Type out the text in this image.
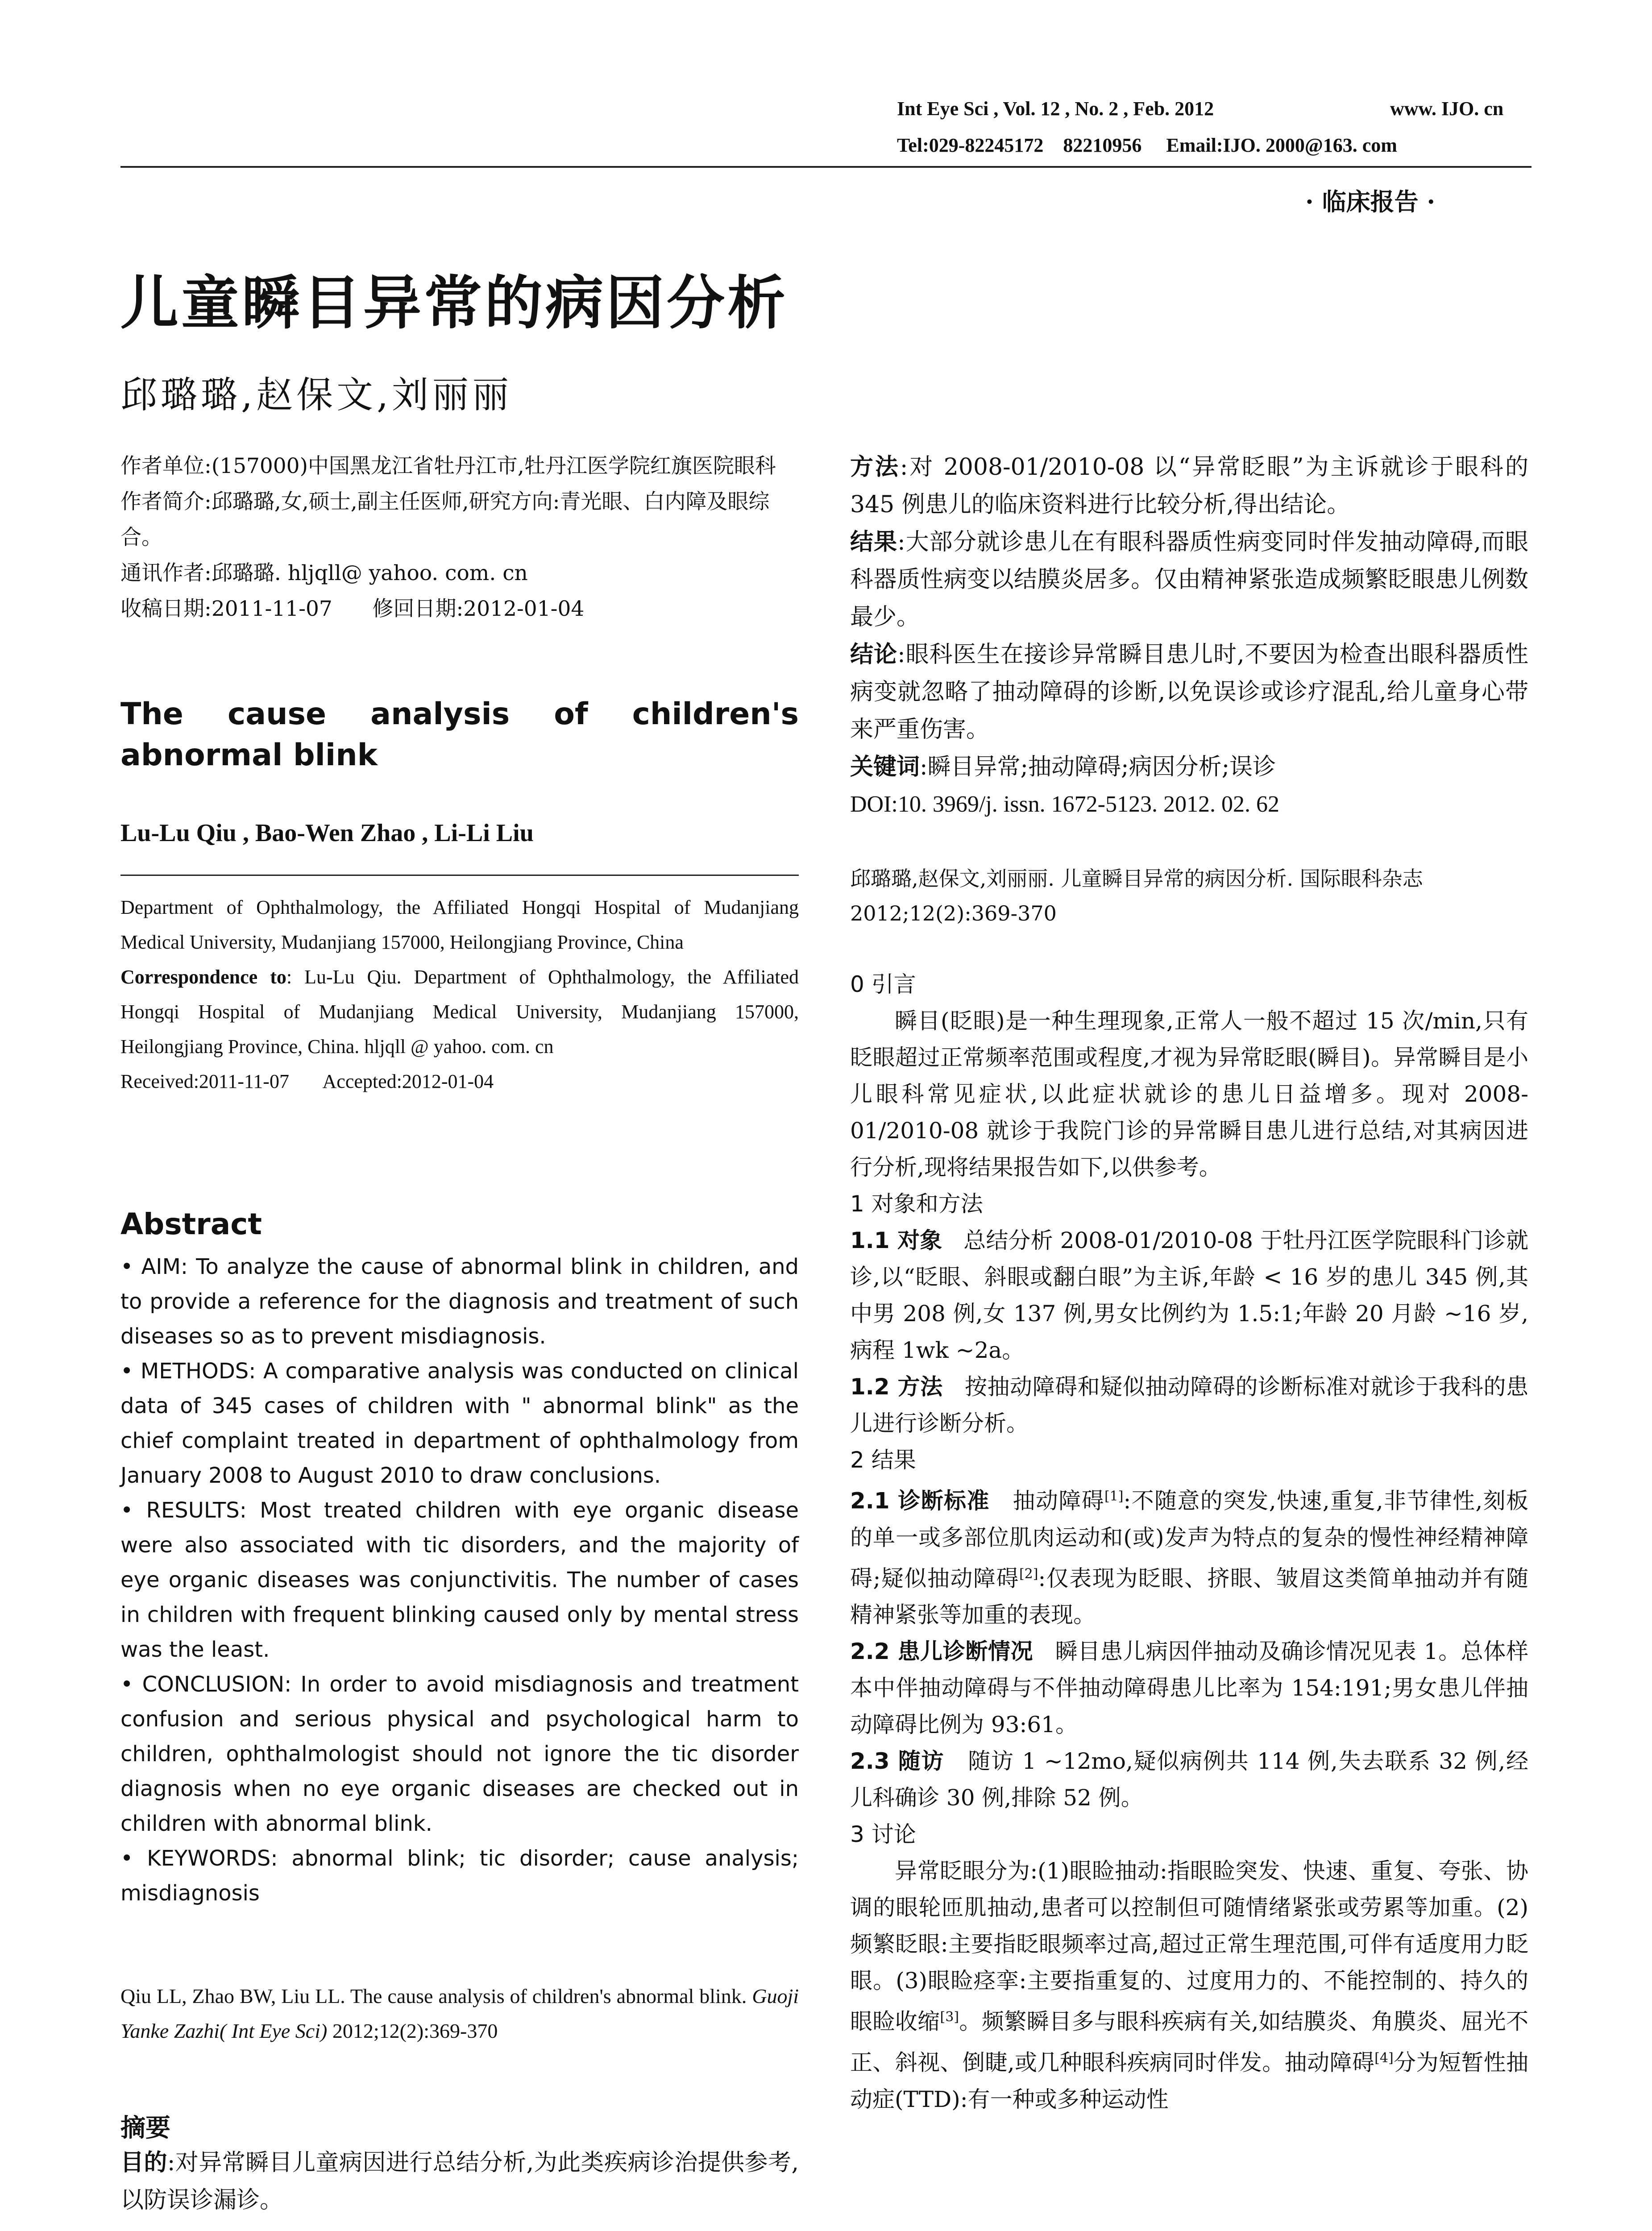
Int Eye Sci , Vol. 12 , No. 2 , Feb. 2012	www. IJO. cn
Tel:029-82245172    82210956     Email:IJO. 2000@163. com
· 临床报告 ·
儿童瞬目异常的病因分析
邱璐璐,赵保文,刘丽丽

作者单位:(157000)中国黑龙江省牡丹江市,牡丹江医学院红旗医院眼科

作者简介:邱璐璐,女,硕士,副主任医师,研究方向:青光眼、白内障及眼综合。

通讯作者:邱璐璐. hljqll@ yahoo. com. cn

收稿日期:2011-11-07      修回日期:2012-01-04

The cause analysis of children's abnormal blink
Lu-Lu Qiu , Bao-Wen Zhao , Li-Li Liu

Department of Ophthalmology, the Affiliated Hongqi Hospital of Mudanjiang Medical University, Mudanjiang 157000, Heilongjiang Province, China

Correspondence to: Lu-Lu Qiu. Department of Ophthalmology, the Affiliated Hongqi Hospital of Mudanjiang Medical University, Mudanjiang 157000, Heilongjiang Province, China. hljqll @ yahoo. com. cn

Received:2011-11-07       Accepted:2012-01-04

Abstract

• AIM: To analyze the cause of abnormal blink in children, and to provide a reference for the diagnosis and treatment of such diseases so as to prevent misdiagnosis.

• METHODS: A comparative analysis was conducted on clinical data of 345 cases of children with " abnormal blink" as the chief complaint treated in department of ophthalmology from January 2008 to August 2010 to draw conclusions.

• RESULTS: Most treated children with eye organic disease were also associated with tic disorders, and the majority of eye organic diseases was conjunctivitis. The number of cases in children with frequent blinking caused only by mental stress was the least.

• CONCLUSION: In order to avoid misdiagnosis and treatment confusion and serious physical and psychological harm to children, ophthalmologist should not ignore the tic disorder diagnosis when no eye organic diseases are checked out in children with abnormal blink.

• KEYWORDS: abnormal blink; tic disorder; cause analysis; misdiagnosis

Qiu LL, Zhao BW, Liu LL. The cause analysis of children's abnormal blink. Guoji Yanke Zazhi( Int Eye Sci) 2012;12(2):369-370
摘要
目的:对异常瞬目儿童病因进行总结分析,为此类疾病诊治提供参考,以防误诊漏诊。

方法:对 2008-01/2010-08 以“异常眨眼”为主诉就诊于眼科的 345 例患儿的临床资料进行比较分析,得出结论。

结果:大部分就诊患儿在有眼科器质性病变同时伴发抽动障碍,而眼科器质性病变以结膜炎居多。仅由精神紧张造成频繁眨眼患儿例数最少。

结论:眼科医生在接诊异常瞬目患儿时,不要因为检查出眼科器质性病变就忽略了抽动障碍的诊断,以免误诊或诊疗混乱,给儿童身心带来严重伤害。

关键词:瞬目异常;抽动障碍;病因分析;误诊

DOI:10. 3969/j. issn. 1672-5123. 2012. 02. 62

邱璐璐,赵保文,刘丽丽. 儿童瞬目异常的病因分析. 国际眼科杂志 2012;12(2):369-370

0 引言

瞬目(眨眼)是一种生理现象,正常人一般不超过 15 次/min,只有眨眼超过正常频率范围或程度,才视为异常眨眼(瞬目)。异常瞬目是小儿眼科常见症状,以此症状就诊的患儿日益增多。现对 2008-01/2010-08 就诊于我院门诊的异常瞬目患儿进行总结,对其病因进行分析,现将结果报告如下,以供参考。

1 对象和方法

1.1 对象   总结分析 2008-01/2010-08 于牡丹江医学院眼科门诊就诊,以“眨眼、斜眼或翻白眼”为主诉,年龄 < 16 岁的患儿 345 例,其中男 208 例,女 137 例,男女比例约为 1.5:1;年龄 20 月龄 ~16 岁,病程 1wk ~2a。

1.2 方法   按抽动障碍和疑似抽动障碍的诊断标准对就诊于我科的患儿进行诊断分析。

2 结果

2.1 诊断标准   抽动障碍[1]:不随意的突发,快速,重复,非节律性,刻板的单一或多部位肌肉运动和(或)发声为特点的复杂的慢性神经精神障碍;疑似抽动障碍[2]:仅表现为眨眼、挤眼、皱眉这类简单抽动并有随精神紧张等加重的表现。

2.2 患儿诊断情况   瞬目患儿病因伴抽动及确诊情况见表 1。总体样本中伴抽动障碍与不伴抽动障碍患儿比率为 154:191;男女患儿伴抽动障碍比例为 93:61。

2.3 随访   随访 1 ~12mo,疑似病例共 114 例,失去联系 32 例,经儿科确诊 30 例,排除 52 例。

3 讨论

异常眨眼分为:(1)眼睑抽动:指眼睑突发、快速、重复、夸张、协调的眼轮匝肌抽动,患者可以控制但可随情绪紧张或劳累等加重。(2)频繁眨眼:主要指眨眼频率过高,超过正常生理范围,可伴有适度用力眨眼。(3)眼睑痉挛:主要指重复的、过度用力的、不能控制的、持久的眼睑收缩[3]。频繁瞬目多与眼科疾病有关,如结膜炎、角膜炎、屈光不正、斜视、倒睫,或几种眼科疾病同时伴发。抽动障碍[4]分为短暂性抽动症(TTD):有一种或多种运动性
